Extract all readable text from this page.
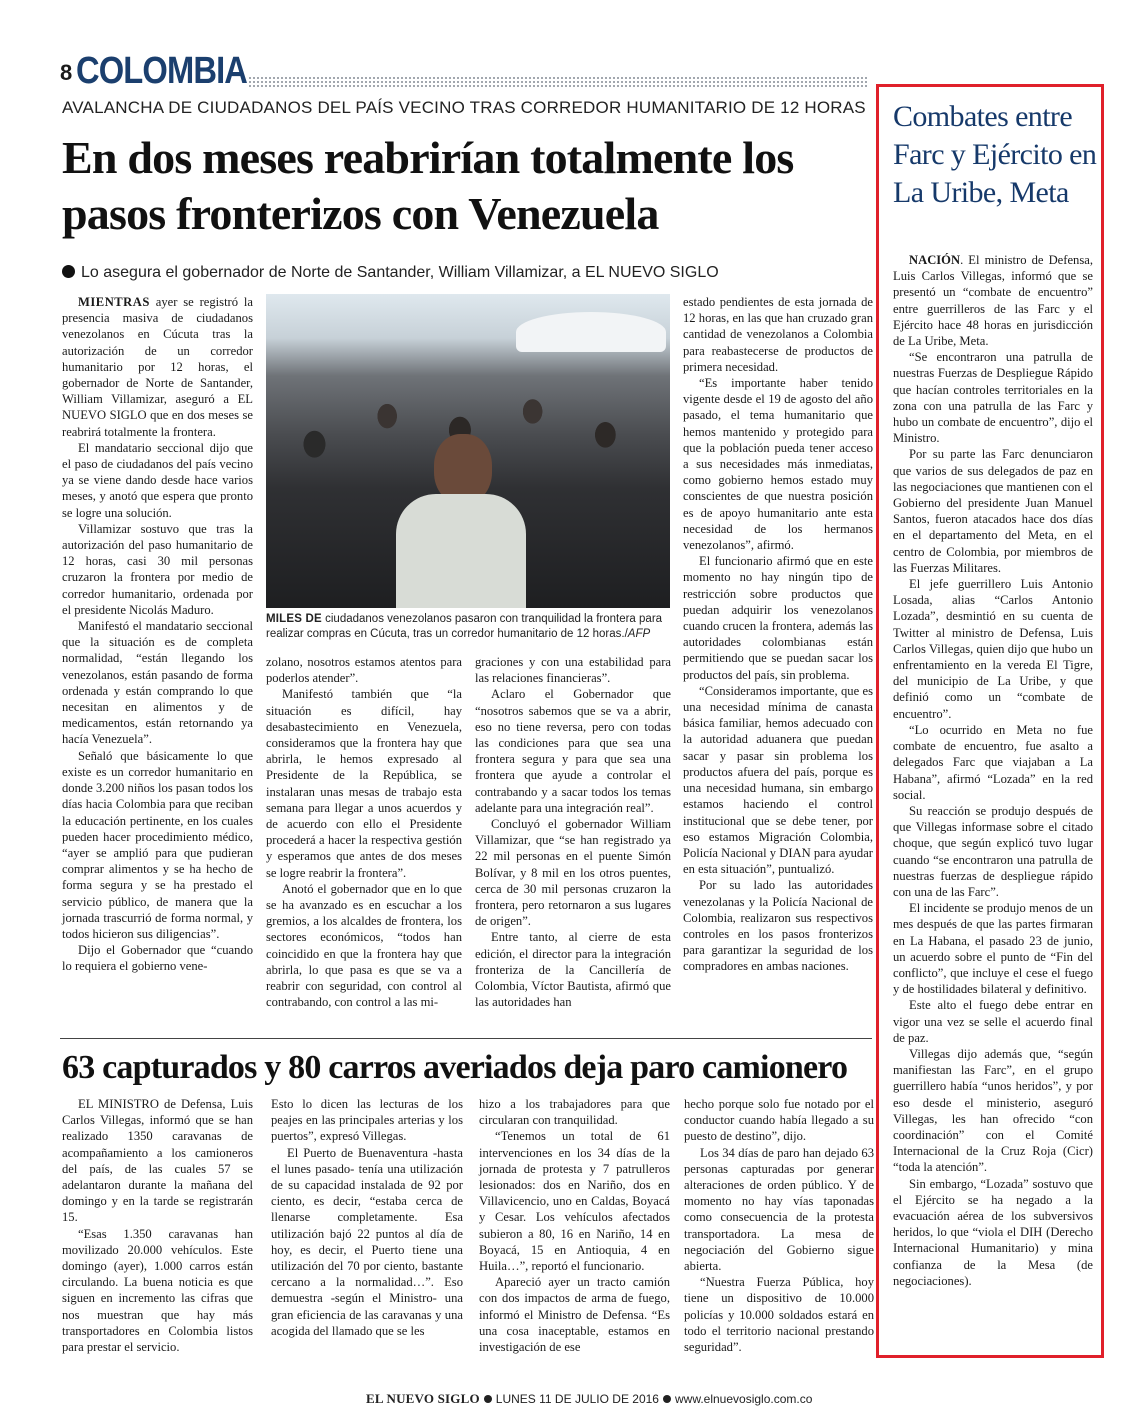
8 COLOMBIA
AVALANCHA DE CIUDADANOS DEL PAÍS VECINO TRAS CORREDOR HUMANITARIO DE 12 HORAS
En dos meses reabrirían totalmente los pasos fronterizos con Venezuela
Lo asegura el gobernador de Norte de Santander, William Villamizar, a EL NUEVO SIGLO

MIENTRAS ayer se registró la presencia masiva de ciudadanos venezolanos en Cúcuta tras la autorización de un corredor humanitario por 12 horas, el gobernador de Norte de Santander, William Villamizar, aseguró a EL NUEVO SIGLO que en dos meses se reabrirá totalmente la frontera.

El mandatario seccional dijo que el paso de ciudadanos del país vecino ya se viene dando desde hace varios meses, y anotó que espera que pronto se logre una solución.

Villamizar sostuvo que tras la autorización del paso humanitario de 12 horas, casi 30 mil personas cruzaron la frontera por medio de corredor humanitario, ordenada por el presidente Nicolás Maduro.

Manifestó el mandatario seccional que la situación es de completa normalidad, “están llegando los venezolanos, están pasando de forma ordenada y están comprando lo que necesitan en alimentos y de medicamentos, están retornando ya hacía Venezuela”.

Señaló que básicamente lo que existe es un corredor humanitario en donde 3.200 niños los pasan todos los días hacia Colombia para que reciban la educación pertinente, en los cuales pueden hacer procedimiento médico, “ayer se amplió para que pudieran comprar alimentos y se ha hecho de forma segura y se ha prestado el servicio público, de manera que la jornada trascurrió de forma normal, y todos hicieron sus diligencias”.

Dijo el Gobernador que “cuando lo requiera el gobierno vene-

MILES DE ciudadanos venezolanos pasaron con tranquilidad la frontera para realizar compras en Cúcuta, tras un corredor humanitario de 12 horas./AFP

zolano, nosotros estamos atentos para poderlos atender”.

Manifestó también que “la situación es difícil, hay desabastecimiento en Venezuela, consideramos que la frontera hay que abrirla, le hemos expresado al Presidente de la República, se instalaran unas mesas de trabajo esta semana para llegar a unos acuerdos y de acuerdo con ello el Presidente procederá a hacer la respectiva gestión y esperamos que antes de dos meses se logre reabrir la frontera”.

Anotó el gobernador que en lo que se ha avanzado es en escuchar a los gremios, a los alcaldes de frontera, los sectores económicos, “todos han coincidido en que la frontera hay que abrirla, lo que pasa es que se va a reabrir con seguridad, con control al contrabando, con control a las mi-

graciones y con una estabilidad para las relaciones financieras”.

Aclaro el Gobernador que “nosotros sabemos que se va a abrir, eso no tiene reversa, pero con todas las condiciones para que sea una frontera segura y para que sea una frontera que ayude a controlar el contrabando y a sacar todos los temas adelante para una integración real”.

Concluyó el gobernador William Villamizar, que “se han registrado ya 22 mil personas en el puente Simón Bolívar, y 8 mil en los otros puentes, cerca de 30 mil personas cruzaron la frontera, pero retornaron a sus lugares de origen”.

Entre tanto, al cierre de esta edición, el director para la integración fronteriza de la Cancillería de Colombia, Víctor Bautista, afirmó que las autoridades han

estado pendientes de esta jornada de 12 horas, en las que han cruzado gran cantidad de venezolanos a Colombia para reabastecerse de productos de primera necesidad.

“Es importante haber tenido vigente desde el 19 de agosto del año pasado, el tema humanitario que hemos mantenido y protegido para que la población pueda tener acceso a sus necesidades más inmediatas, como gobierno hemos estado muy conscientes de que nuestra posición es de apoyo humanitario ante esta necesidad de los hermanos venezolanos”, afirmó.

El funcionario afirmó que en este momento no hay ningún tipo de restricción sobre productos que puedan adquirir los venezolanos cuando crucen la frontera, además las autoridades colombianas están permitiendo que se puedan sacar los productos del país, sin problema.

“Consideramos importante, que es una necesidad mínima de canasta básica familiar, hemos adecuado con la autoridad aduanera que puedan sacar y pasar sin problema los productos afuera del país, porque es una necesidad humana, sin embargo estamos haciendo el control institucional que se debe tener, por eso estamos Migración Colombia, Policía Nacional y DIAN para ayudar en esta situación”, puntualizó.

Por su lado las autoridades venezolanas y la Policía Nacional de Colombia, realizaron sus respectivos controles en los pasos fronterizos para garantizar la seguridad de los compradores en ambas naciones.

63 capturados y 80 carros averiados deja paro camionero

EL MINISTRO de Defensa, Luis Carlos Villegas, informó que se han realizado 1350 caravanas de acompañamiento a los camioneros del país, de las cuales 57 se adelantaron durante la mañana del domingo y en la tarde se registrarán 15.

“Esas 1.350 caravanas han movilizado 20.000 vehículos. Este domingo (ayer), 1.000 carros están circulando. La buena noticia es que siguen en incremento las cifras que nos muestran que hay más transportadores en Colombia listos para prestar el servicio.

Esto lo dicen las lecturas de los peajes en las principales arterias y los puertos”, expresó Villegas.

El Puerto de Buenaventura -hasta el lunes pasado- tenía una utilización de su capacidad instalada de 92 por ciento, es decir, “estaba cerca de llenarse completamente. Esa utilización bajó 22 puntos al día de hoy, es decir, el Puerto tiene una utilización del 70 por ciento, bastante cercano a la normalidad…”. Eso demuestra -según el Ministro- una gran eficiencia de las caravanas y una acogida del llamado que se les

hizo a los trabajadores para que circularan con tranquilidad.

“Tenemos un total de 61 intervenciones en los 34 días de la jornada de protesta y 7 patrulleros lesionados: dos en Nariño, dos en Villavicencio, uno en Caldas, Boyacá y Cesar. Los vehículos afectados subieron a 80, 16 en Nariño, 14 en Boyacá, 15 en Antioquia, 4 en Huila…”, reportó el funcionario.

Apareció ayer un tracto camión con dos impactos de arma de fuego, informó el Ministro de Defensa. “Es una cosa inaceptable, estamos en investigación de ese

hecho porque solo fue notado por el conductor cuando había llegado a su puesto de destino”, dijo.

Los 34 días de paro han dejado 63 personas capturadas por generar alteraciones de orden público. Y de momento no hay vías taponadas como consecuencia de la protesta transportadora. La mesa de negociación del Gobierno sigue abierta.

“Nuestra Fuerza Pública, hoy tiene un dispositivo de 10.000 policías y 10.000 soldados estará en todo el territorio nacional prestando seguridad”.

Combates entre Farc y Ejército en La Uribe, Meta

NACIÓN. El ministro de Defensa, Luis Carlos Villegas, informó que se presentó un “combate de encuentro” entre guerrilleros de las Farc y el Ejército hace 48 horas en jurisdicción de La Uribe, Meta.

“Se encontraron una patrulla de nuestras Fuerzas de Despliegue Rápido que hacían controles territoriales en la zona con una patrulla de las Farc y hubo un combate de encuentro”, dijo el Ministro.

Por su parte las Farc denunciaron que varios de sus delegados de paz en las negociaciones que mantienen con el Gobierno del presidente Juan Manuel Santos, fueron atacados hace dos días en el departamento del Meta, en el centro de Colombia, por miembros de las Fuerzas Militares.

El jefe guerrillero Luis Antonio Losada, alias “Carlos Antonio Lozada”, desmintió en su cuenta de Twitter al ministro de Defensa, Luis Carlos Villegas, quien dijo que hubo un enfrentamiento en la vereda El Tigre, del municipio de La Uribe, y que definió como un “combate de encuentro”.

“Lo ocurrido en Meta no fue combate de encuentro, fue asalto a delegados Farc que viajaban a La Habana”, afirmó “Lozada” en la red social.

Su reacción se produjo después de que Villegas informase sobre el citado choque, que según explicó tuvo lugar cuando “se encontraron una patrulla de nuestras fuerzas de despliegue rápido con una de las Farc”.

El incidente se produjo menos de un mes después de que las partes firmaran en La Habana, el pasado 23 de junio, un acuerdo sobre el punto de “Fin del conflicto”, que incluye el cese el fuego y de hostilidades bilateral y definitivo.

Este alto el fuego debe entrar en vigor una vez se selle el acuerdo final de paz.

Villegas dijo además que, “según manifiestan las Farc”, en el grupo guerrillero había “unos heridos”, y por eso desde el ministerio, aseguró Villegas, les han ofrecido “con coordinación” con el Comité Internacional de la Cruz Roja (Cicr) “toda la atención”.

Sin embargo, “Lozada” sostuvo que el Ejército se ha negado a la evacuación aérea de los subversivos heridos, lo que “viola el DIH (Derecho Internacional Humanitario) y mina confianza de la Mesa (de negociaciones).

EL NUEVO SIGLO LUNES 11 DE JULIO DE 2016 www.elnuevosiglo.com.co
